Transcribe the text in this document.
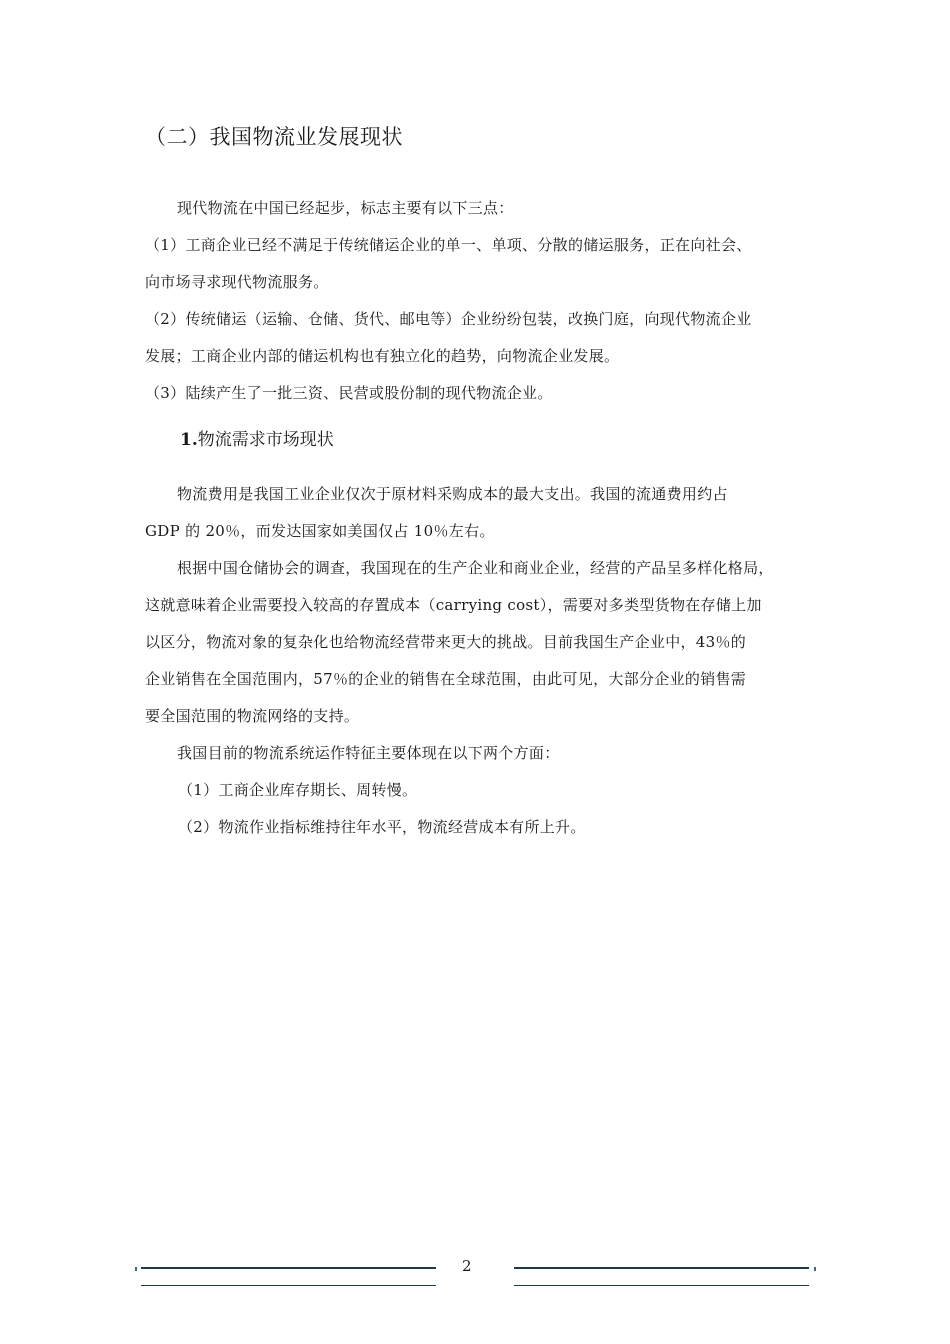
（二）我国物流业发展现状
现代物流在中国已经起步，标志主要有以下三点：
（1）工商企业已经不满足于传统储运企业的单一、单项、分散的储运服务，正在向社会、
向市场寻求现代物流服务。
（2）传统储运（运输、仓储、货代、邮电等）企业纷纷包装，改换门庭，向现代物流企业
发展；工商企业内部的储运机构也有独立化的趋势，向物流企业发展。
（3）陆续产生了一批三资、民营或股份制的现代物流企业。
1.物流需求市场现状
物流费用是我国工业企业仅次于原材料采购成本的最大支出。我国的流通费用约占
GDP 的 20％，而发达国家如美国仅占 10％左右。
根据中国仓储协会的调查，我国现在的生产企业和商业企业，经营的产品呈多样化格局，
这就意味着企业需要投入较高的存置成本（carrying cost），需要对多类型货物在存储上加
以区分，物流对象的复杂化也给物流经营带来更大的挑战。目前我国生产企业中，43％的
企业销售在全国范围内，57％的企业的销售在全球范围，由此可见，大部分企业的销售需
要全国范围的物流网络的支持。
我国目前的物流系统运作特征主要体现在以下两个方面：
（1）工商企业库存期长、周转慢。
（2）物流作业指标维持往年水平，物流经营成本有所上升。
2
